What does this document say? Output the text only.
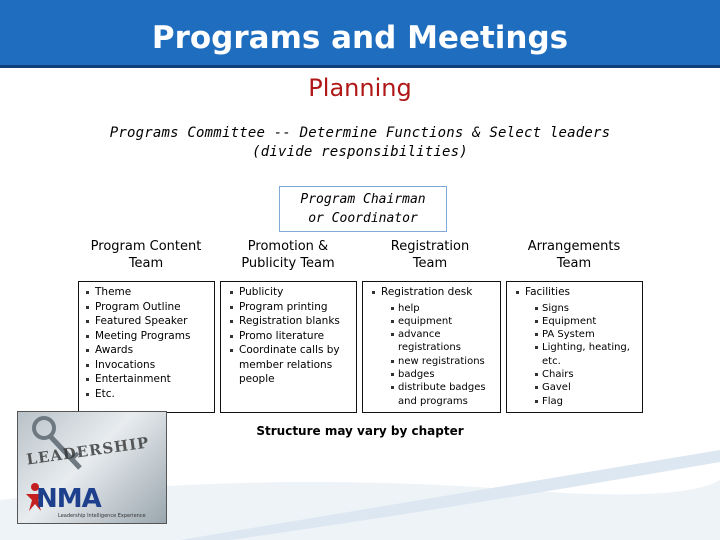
Programs and Meetings
Planning
Programs Committee -- Determine Functions & Select leaders
(divide responsibilities)
Program Chairman
or Coordinator
Program Content
Team
Promotion &
Publicity Team
Registration
Team
Arrangements
Team
Theme
Program Outline
Featured Speaker
Meeting Programs
Awards
Invocations
Entertainment
Etc.
Publicity
Program printing
Registration blanks
Promo literature
Coordinate calls by member relations people
Registration desk
help
equipment
advance registrations
new registrations
badges
distribute badges and programs
Facilities
Signs
Equipment
PA System
Lighting, heating, etc.
Chairs
Gavel
Flag
Structure may vary by chapter
LEADERSHIP
NMA
Leadership Intelligence Experience
